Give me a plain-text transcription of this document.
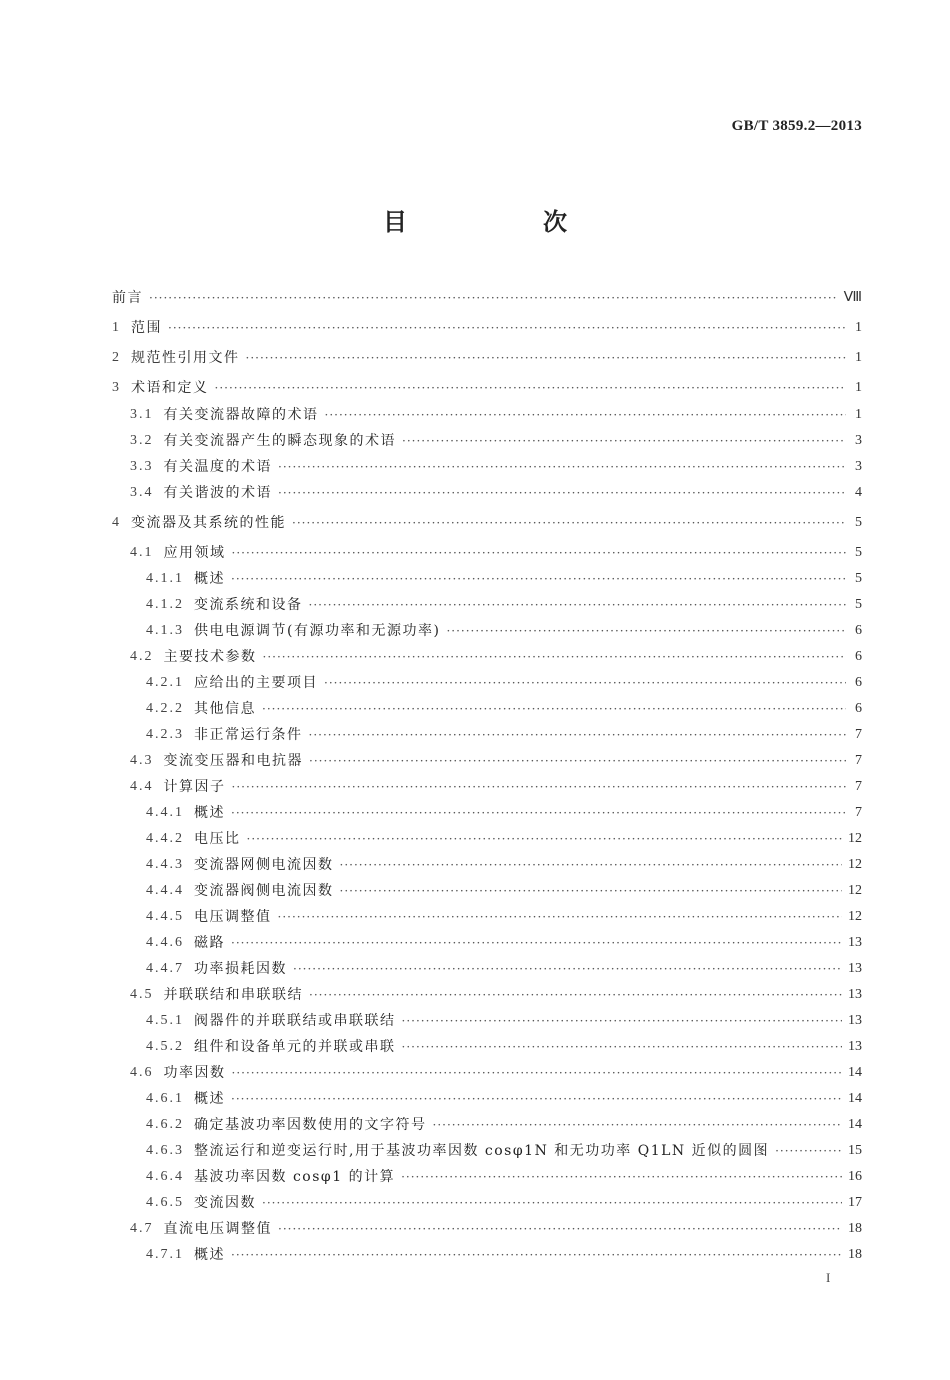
GB/T 3859.2—2013
目　次
前言 ·····	Ⅷ
1 范围 ·····	1
2 规范性引用文件 ·····	1
3 术语和定义 ·····	1
3.1 有关变流器故障的术语 ·····	1
3.2 有关变流器产生的瞬态现象的术语 ·····	3
3.3 有关温度的术语 ·····	3
3.4 有关谐波的术语 ·····	4
4 变流器及其系统的性能 ·····	5
4.1 应用领域 ·····	5
4.1.1 概述 ·····	5
4.1.2 变流系统和设备 ·····	5
4.1.3 供电电源调节(有源功率和无源功率) ·····	6
4.2 主要技术参数 ·····	6
4.2.1 应给出的主要项目 ·····	6
4.2.2 其他信息 ·····	6
4.2.3 非正常运行条件 ·····	7
4.3 变流变压器和电抗器 ·····	7
4.4 计算因子 ·····	7
4.4.1 概述 ·····	7
4.4.2 电压比 ·····	12
4.4.3 变流器网侧电流因数 ·····	12
4.4.4 变流器阀侧电流因数 ·····	12
4.4.5 电压调整值 ·····	12
4.4.6 磁路 ·····	13
4.4.7 功率损耗因数 ·····	13
4.5 并联联结和串联联结 ·····	13
4.5.1 阀器件的并联联结或串联联结 ·····	13
4.5.2 组件和设备单元的并联或串联 ·····	13
4.6 功率因数 ·····	14
4.6.1 概述 ·····	14
4.6.2 确定基波功率因数使用的文字符号 ·····	14
4.6.3 整流运行和逆变运行时,用于基波功率因数 cosφ1N 和无功功率 Q1LN 近似的圆图 ·····	15
4.6.4 基波功率因数 cosφ1 的计算 ·····	16
4.6.5 变流因数 ·····	17
4.7 直流电压调整值 ·····	18
4.7.1 概述 ·····	18
I
